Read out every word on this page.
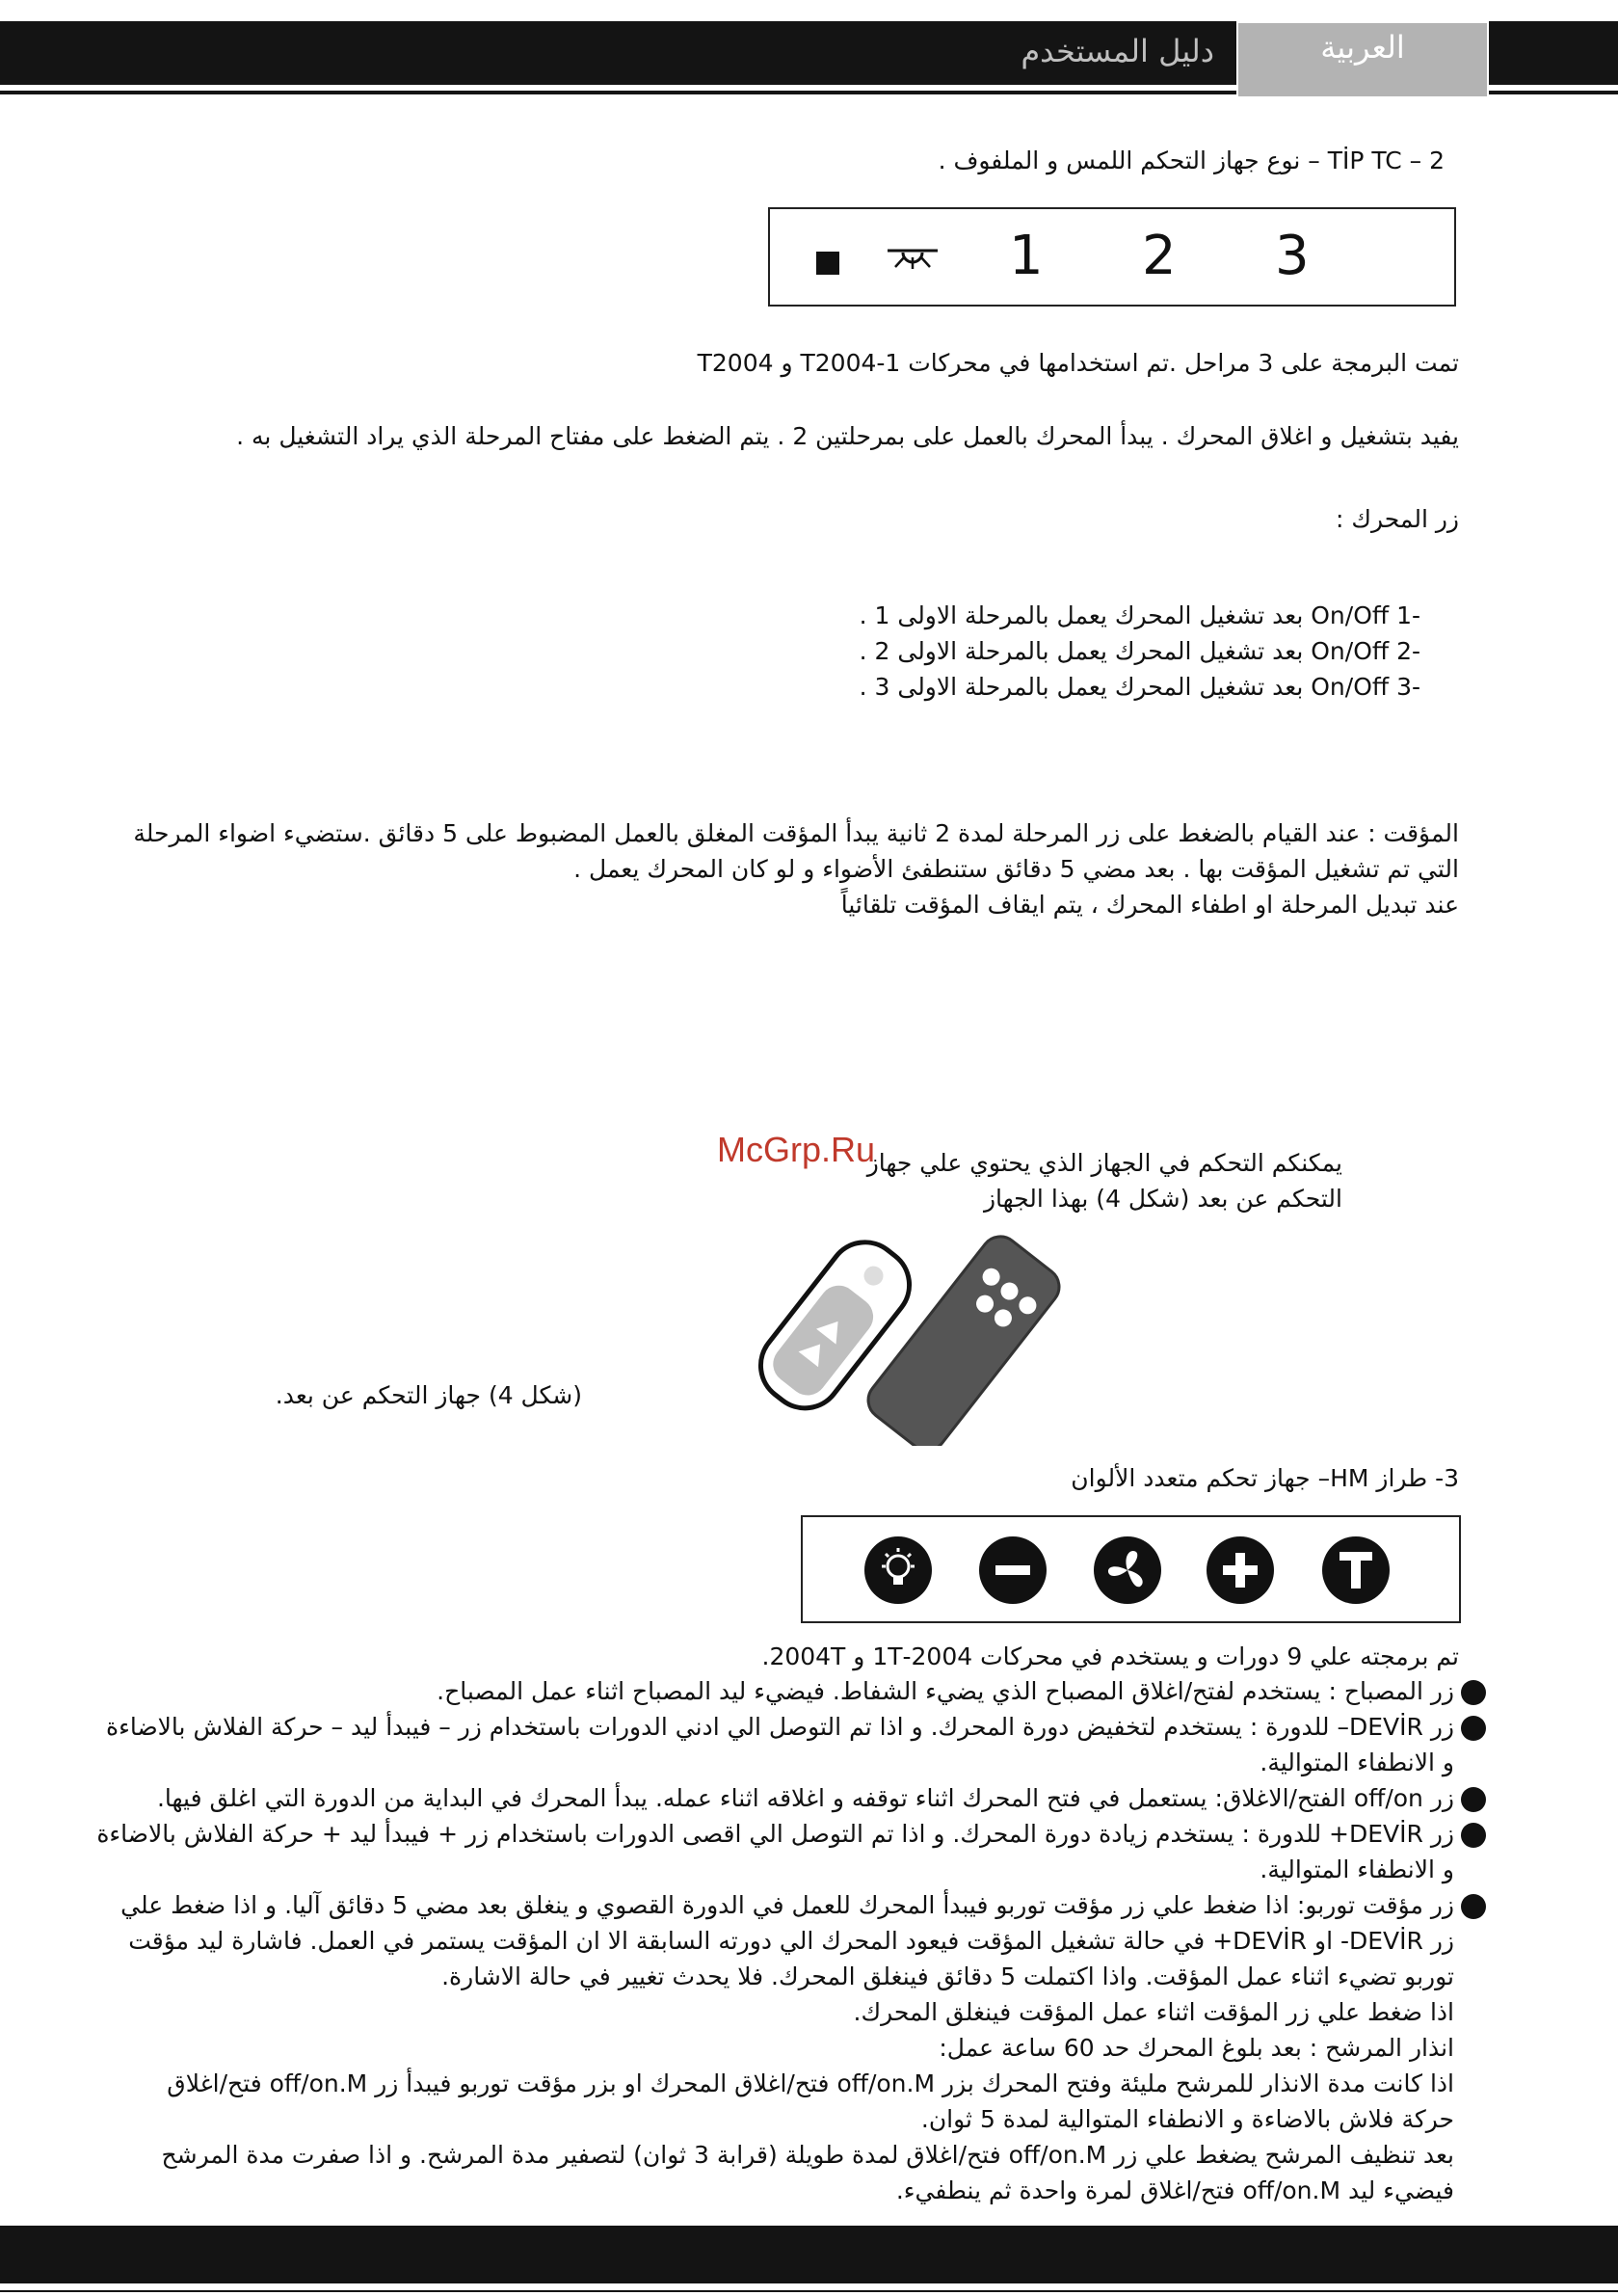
العربية
دليل المستخدم
2 – TİP TC – نوع جهاز التحكم اللمس و الملفوف .
1 2 3
تمت البرمجة على 3 مراحل .تم استخدامها في محركات T2004-1 و T2004
يفيد بتشغيل و اغلاق المحرك . يبدأ المحرك بالعمل على بمرحلتين 2 . يتم الضغط على مفتاح المرحلة الذي يراد التشغيل به .
زر المحرك :
-1 On/Off بعد تشغيل المحرك يعمل بالمرحلة الاولى 1 .
-2 On/Off بعد تشغيل المحرك يعمل بالمرحلة الاولى 2 .
-3 On/Off بعد تشغيل المحرك يعمل بالمرحلة الاولى 3 .
المؤقت : عند القيام بالضغط على زر المرحلة لمدة 2 ثانية يبدأ المؤقت المغلق بالعمل المضبوط على 5 دقائق .ستضيء اضواء المرحلة
التي تم تشغيل المؤقت بها . بعد مضي 5 دقائق ستنطفئ الأضواء و لو كان المحرك يعمل .
عند تبديل المرحلة او اطفاء المحرك ، يتم ايقاف المؤقت تلقائياً
يمكنكم التحكم في الجهاز الذي يحتوي علي جهاز
التحكم عن بعد (شكل 4) بهذا الجهاز
McGrp.Ru
(شكل 4) جهاز التحكم عن بعد.
3- طراز HM– جهاز تحكم متعدد الألوان
تم برمجته علي 9 دورات و يستخدم في محركات 2004-1T و 2004T.
زر المصباح : يستخدم لفتح/اغلاق المصباح الذي يضيء الشفاط. فيضيء ليد المصباح اثناء عمل المصباح.
زر DEVİR– للدورة : يستخدم لتخفيض دورة المحرك. و اذا تم التوصل الي ادني الدورات باستخدام زر – فيبدأ ليد – حركة الفلاش بالاضاءة
و الانطفاء المتوالية.
زر off/on الفتح/الاغلاق: يستعمل في فتح المحرك اثناء توقفه و اغلاقه اثناء عمله. يبدأ المحرك في البداية من الدورة التي اغلق فيها.
زر DEVİR+ للدورة : يستخدم زيادة دورة المحرك. و اذا تم التوصل الي اقصى الدورات باستخدام زر + فيبدأ ليد + حركة الفلاش بالاضاءة
و الانطفاء المتوالية.
زر مؤقت توربو: اذا ضغط علي زر مؤقت توربو فيبدأ المحرك للعمل في الدورة القصوي و ينغلق بعد مضي 5 دقائق آليا. و اذا ضغط علي
زر DEVİR- او DEVİR+ في حالة تشغيل المؤقت فيعود المحرك الي دورته السابقة الا ان المؤقت يستمر في العمل. فاشارة ليد مؤقت
توربو تضيء اثناء عمل المؤقت. واذا اكتملت 5 دقائق فينغلق المحرك. فلا يحدث تغيير في حالة الاشارة.
اذا ضغط علي زر المؤقت اثناء عمل المؤقت فينغلق المحرك.
انذار المرشح : بعد بلوغ المحرك حد 60 ساعة عمل:
اذا كانت مدة الانذار للمرشح مليئة وفتح المحرك بزر off/on.M فتح/اغلاق المحرك او بزر مؤقت توربو فيبدأ زر off/on.M فتح/اغلاق
حركة فلاش بالاضاءة و الانطفاء المتوالية لمدة 5 ثوان.
بعد تنظيف المرشح يضغط علي زر off/on.M فتح/اغلاق لمدة طويلة (قرابة 3 ثوان) لتصفير مدة المرشح. و اذا صفرت مدة المرشح
فيضيء ليد off/on.M فتح/اغلاق لمرة واحدة ثم ينطفيء.
